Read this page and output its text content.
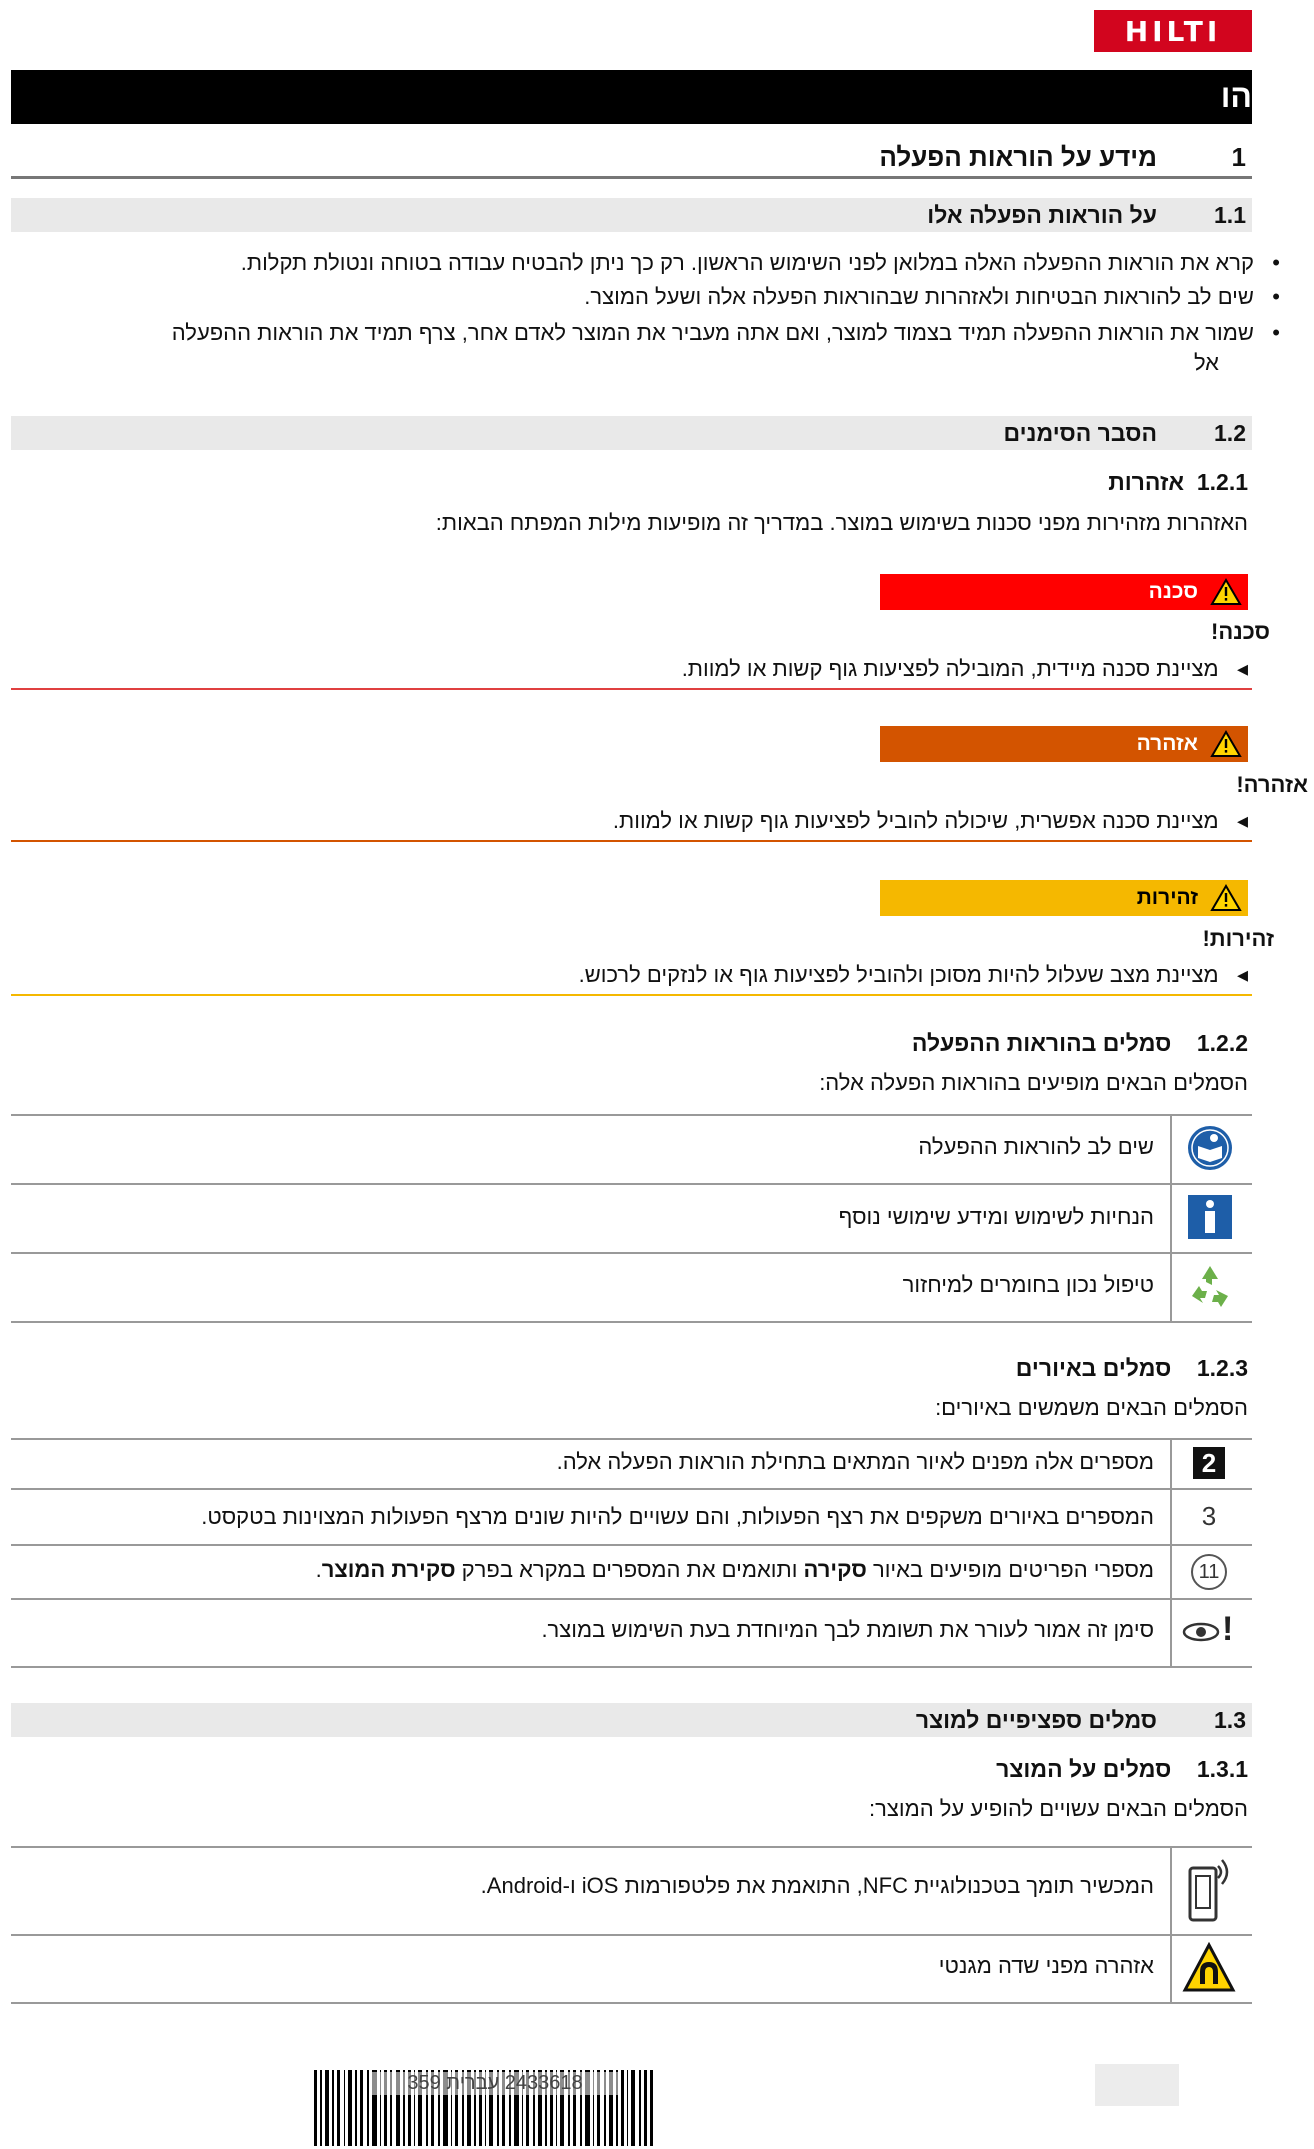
HILTI
הו
1
מידע על הוראות הפעלה
1.1
על הוראות הפעלה אלו
•   קרא את הוראות ההפעלה האלה במלואן לפני השימוש הראשון. רק כך ניתן להבטיח עבודה בטוחה ונטולת תקלות.
•   שים לב להוראות הבטיחות ולאזהרות שבהוראות הפעלה אלה ושעל המוצר.
•   שמור את הוראות ההפעלה תמיד בצמוד למוצר, ואם אתה מעביר את המוצר לאדם אחר, צרף תמיד את הוראות ההפעלה
אל
1.2
הסבר הסימנים
1.2.1  אזהרות
האזהרות מזהירות מפני סכנות בשימוש במוצר. במדריך זה מופיעות מילות המפתח הבאות:
סכנה
סכנה!
◂   מציינת סכנה מיידית, המובילה לפציעות גוף קשות או למוות.
אזהרה
אזהרה!
◂   מציינת סכנה אפשרית, שיכולה להוביל לפציעות גוף קשות או למוות.
זהירות
זהירות!
◂   מציינת מצב שעלול להיות מסוכן ולהוביל לפציעות גוף או לנזקים לרכוש.
1.2.2    סמלים בהוראות ההפעלה
הסמלים הבאים מופיעים בהוראות הפעלה אלה:
שים לב להוראות ההפעלה
הנחיות לשימוש ומידע שימושי נוסף
טיפול נכון בחומרים למיחזור
1.2.3    סמלים באיורים
הסמלים הבאים משמשים באיורים:
2
מספרים אלה מפנים לאיור המתאים בתחילת הוראות הפעלה אלה.
3
המספרים באיורים משקפים את רצף הפעולות, והם עשויים להיות שונים מרצף הפעולות המצוינות בטקסט.
11
מספרי הפריטים מופיעים באיור סקירה ותואמים את המספרים במקרא בפרק סקירת המוצר.
!
סימן זה אמור לעורר את תשומת לבך המיוחדת בעת השימוש במוצר.
1.3
סמלים ספציפיים למוצר
1.3.1    סמלים על המוצר
הסמלים הבאים עשויים להופיע על המוצר:
המכשיר תומך בטכנולוגיית NFC, התואמת את פלטפורמות iOS ו-Android.
אזהרה מפני שדה מגנטי
2433618 עברית 359
